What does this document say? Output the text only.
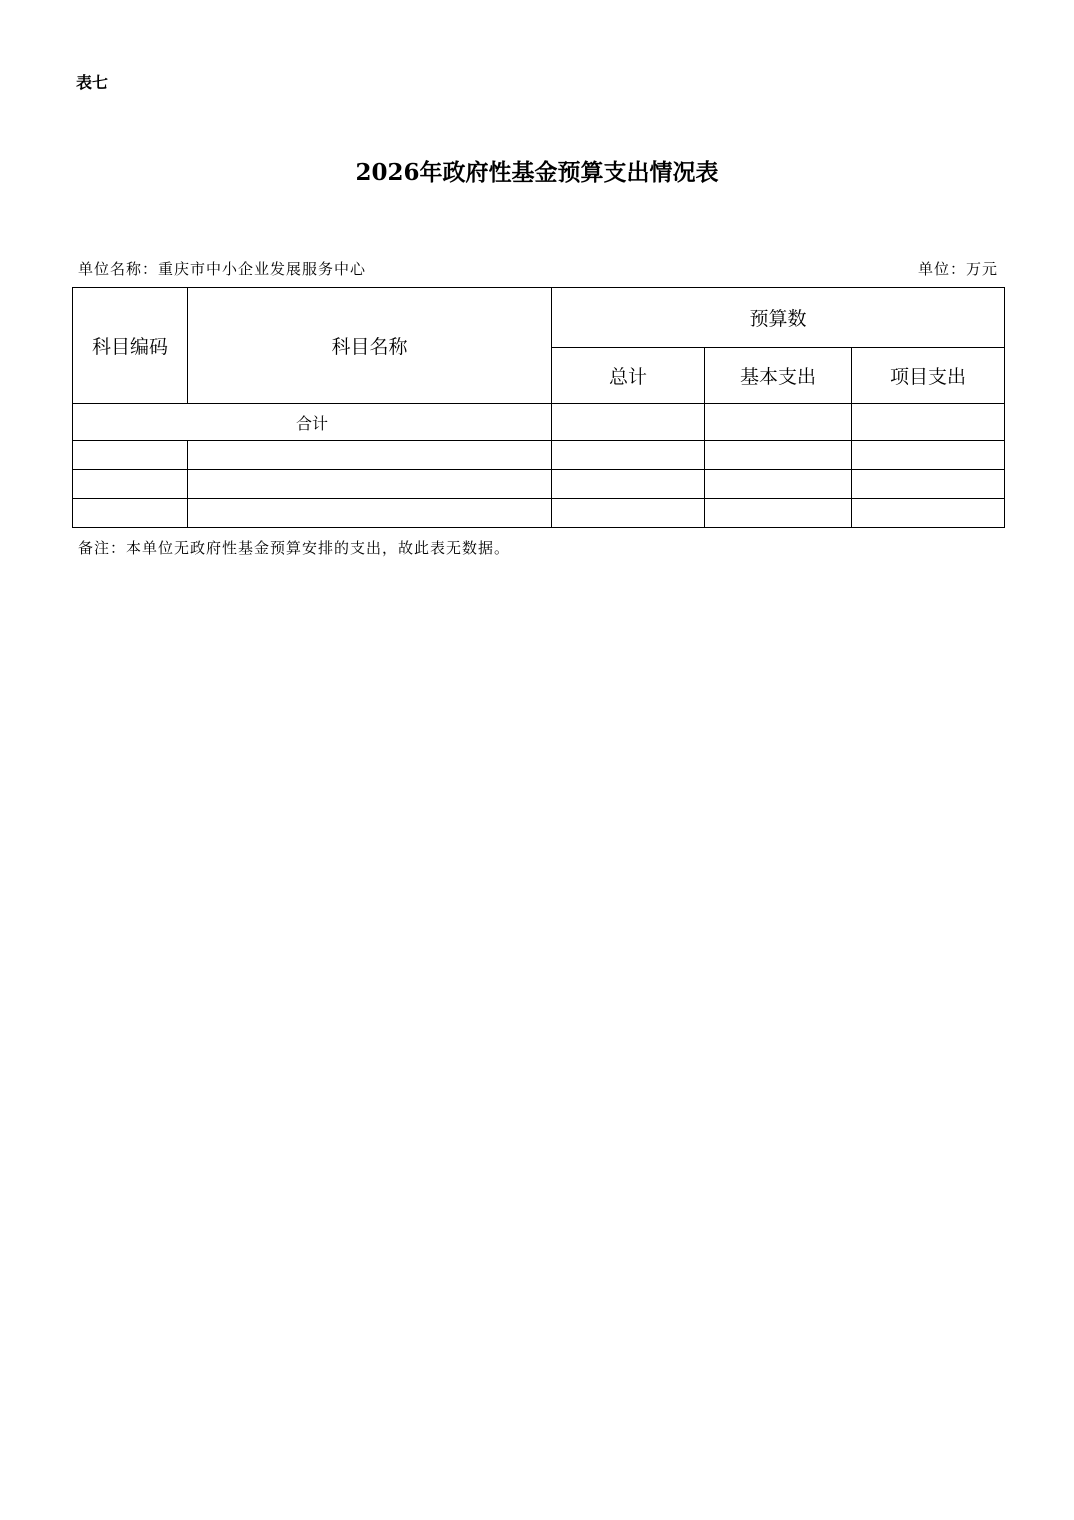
表七
2026年政府性基金预算支出情况表
单位名称：重庆市中小企业发展服务中心	单位：万元
科目编码	科目名称	预算数		
		总计	基本支出	项目支出
合计				

备注：本单位无政府性基金预算安排的支出，故此表无数据。
